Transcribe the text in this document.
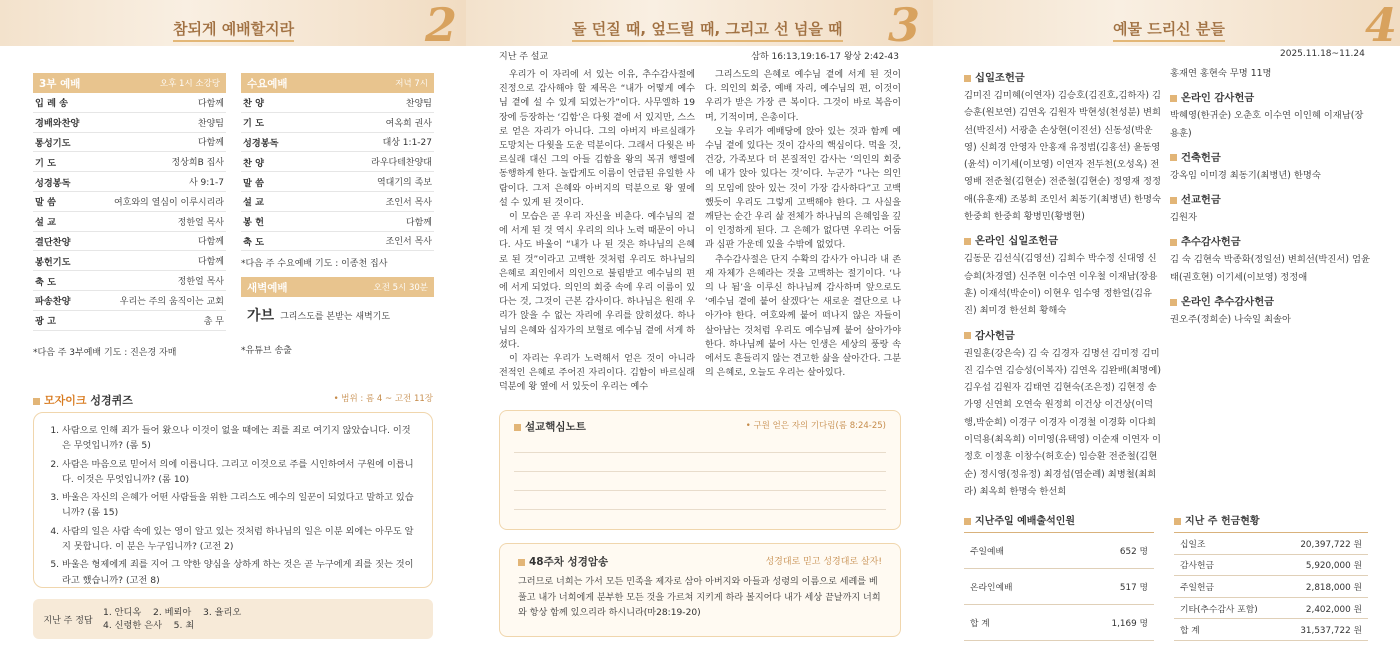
참되게 예배할지라	2	돌 던질 때, 엎드릴 때, 그리고 선 넘을 때 3	예물 드리신 분들	4
3부 예배	오후 1시 소강당
입 례 송	다함께
경배와찬양	찬양팀
통성기도	다함께
기 도	정상희B 집사
성경봉독	사 9:1-7
말 씀	여호와의 열심이 이루시리라
설 교	정한얼 목사
결단찬양	다함께
봉헌기도	다함께
축 도	정한얼 목사
파송찬양	우리는 주의 움직이는 교회
광 고	총 무
*다음 주 3부예배 기도 : 진은경 자매
수요예배	저녁 7시
찬 양	찬양팀
기 도	여옥희 권사
성경봉독	대상 1:1-27
찬 양	라우다테찬양대
말 씀	역대기의 족보
설 교	조인서 목사
봉 헌	다함께
축 도	조인서 목사
*다음 주 수요예배 기도 : 이종천 집사
새벽예배	오전 5시 30분
가브 그리스도를 본받는 새벽기도
*유튜브 송출
모자이크 성경퀴즈	• 범위 : 롬 4 ~ 고전 11장
1. 사람으로 인해 죄가 들어 왔으나 이것이 없을 때에는 죄를 죄로 여기지 않았습니다. 이것은 무엇입니까? (롬 5)
2. 사람은 마음으로 믿어서 의에 이릅니다. 그리고 이것으로 주를 시인하여서 구원에 이릅니다. 이것은 무엇입니까? (롬 10)
3. 바울은 자신의 은혜가 어떤 사람들을 위한 그리스도 예수의 일꾼이 되었다고 말하고 있습니까? (롬 15)
4. 사람의 일은 사람 속에 있는 영이 알고 있는 것처럼 하나님의 일은 이분 외에는 아무도 알지 못합니다. 이 분은 누구입니까? (고전 2)
5. 바울은 형제에게 죄를 지어 그 약한 양심을 상하게 하는 것은 곧 누구에게 죄를 짓는 것이라고 했습니까? (고전 8)
지난 주 정답
1. 안디옥 2. 베뢰아 3. 율리오
4. 신령한 은사 5. 최
지난 주 설교	삼하 16:13,19:16-17 왕상 2:42-43

우리가 이 자리에 서 있는 이유, 추수감사절에 진정으로 감사해야 할 제목은 “내가 어떻게 예수님 곁에 설 수 있게 되었는가”이다. 사무엘하 19장에 등장하는 ‘김함’은 다윗 곁에 서 있지만, 스스로 얻은 자리가 아니다. 그의 아버지 바르실래가 도망치는 다윗을 도운 덕분이다. 그래서 다윗은 바르실래 대신 그의 아들 김함을 왕의 복귀 행렬에 동행하게 한다. 놀랍게도 이름이 언급된 유일한 사람이다. 그저 은혜와 아버지의 덕분으로 왕 옆에 설 수 있게 된 것이다.

이 모습은 곧 우리 자신을 비춘다. 예수님의 곁에 서게 된 것 역시 우리의 의나 노력 때문이 아니다. 사도 바울이 “내가 나 된 것은 하나님의 은혜로 된 것”이라고 고백한 것처럼 우리도 하나님의 은혜로 죄인에서 의인으로 불림받고 예수님의 편에 서게 되었다. 의인의 회중 속에 우리 이름이 있다는 것, 그것이 근본 감사이다. 하나님은 원래 우리가 앉을 수 없는 자리에 우리를 앉히셨다. 하나님의 은혜와 십자가의 보혈로 예수님 곁에 서게 하셨다.

이 자리는 우리가 노력해서 얻은 것이 아니라 전적인 은혜로 주어진 자리이다. 김함이 바르실래 덕분에 왕 옆에 서 있듯이 우리는 예수

그리스도의 은혜로 예수님 곁에 서게 된 것이다. 의인의 회중, 예배 자리, 예수님의 편, 이것이 우리가 받은 가장 큰 복이다. 그것이 바로 복음이며, 기적이며, 은총이다.

오늘 우리가 예배당에 앉아 있는 것과 함께 예수님 곁에 있다는 것이 감사의 핵심이다. 먹을 것, 건강, 가족보다 더 본질적인 감사는 ‘의인의 회중에 내가 앉아 있다는 것’이다. 누군가 “나는 의인의 모임에 앉아 있는 것이 가장 감사하다”고 고백했듯이 우리도 그렇게 고백해야 한다. 그 사실을 깨닫는 순간 우리 삶 전체가 하나님의 은혜임을 깊이 인정하게 된다. 그 은혜가 없다면 우리는 어둠과 심판 가운데 있을 수밖에 없었다.

추수감사절은 단지 수확의 감사가 아니라 내 존재 자체가 은혜라는 것을 고백하는 절기이다. ‘나의 나 됨’을 이루신 하나님께 감사하며 앞으로도 ‘예수님 곁에 붙어 살겠다’는 새로운 결단으로 나아가야 한다. 여호와께 붙어 떠나지 않은 자들이 살아남는 것처럼 우리도 예수님께 붙어 살아가야 한다. 하나님께 붙어 사는 인생은 세상의 풍랑 속에서도 흔들리지 않는 견고한 삶을 살아간다. 그분의 은혜로, 오늘도 우리는 살아있다.

설교핵심노트	• 구원 얻은 자의 기다림(롬 8:24-25)
48주차 성경암송	성경대로 믿고 성경대로 살자!
그러므로 너희는 가서 모든 민족을 제자로 삼아 아버지와 아들과 성령의 이름으로 세례를 베풀고 내가 너희에게 분부한 모든 것을 가르쳐 지키게 하라 볼지어다 내가 세상 끝날까지 너희와 항상 함께 있으리라 하시니라(마28:19-20)
2025.11.18~11.24
십일조헌금
김미진 김미혜(이연자) 김승호(김진호,김하자) 김승훈(원보연) 김연옥 김원자 박현성(천성분) 변희선(박진서) 서광춘 손상현(이진선) 신동성(박운영) 신희경 안영자 안홍재 유정범(김홍선) 윤동영(윤석) 이기세(이보영) 이연자 전두천(오성옥) 전영배 전준철(김현순) 전준철(김현순) 정영재 정정애(유훈재) 조봉희 조인서 최동기(최병년) 한명숙 한중희 한중희 황병민(황병현)
온라인 십일조헌금
김동문 김선식(김영선) 김희수 박수정 신대영 신승희(차경열) 신주현 이수연 이우철 이재남(장용훈) 이재석(박순이) 이현우 임수영 정한얼(김유진) 최미경 한선희 황해숙
감사헌금
권일훈(강은숙) 김 숙 김경자 김명선 김미정 김미진 김수연 김승성(이복자) 김연옥 김완배(최명예) 김우섭 김원자 김태연 김현숙(조은정) 김현정 송가영 신연희 오연숙 원정희 이건상 이건상(이덕행,박순희) 이경구 이경자 이경철 이경화 이다희 이덕용(최옥희) 이미영(유택영) 이순재 이연자 이정호 이정훈 이창수(허호순) 임승환 전준철(김현순) 정시영(정유정) 최경섭(염순례) 최병철(최희라) 최옥희 한명숙 한선희
홍재연 홍현숙 무명 11명
온라인 감사헌금
박혜영(한귀순) 오춘호 이수연 이인혜 이재남(장용훈)
건축헌금
강옥임 이미경 최동기(최병년) 한명숙
선교헌금
김원자
추수감사헌금
김 숙 김현숙 박종화(정일선) 변희선(박진서) 엄윤태(권호현) 이기세(이보영) 정정애
온라인 추수감사헌금
권오주(정희순) 나숙일 최솔아
지난주일 예배출석인원
주일예배	652 명
온라인예배	517 명
합 계	1,169 명
지난 주 헌금현황
십일조	20,397,722 원
감사헌금	5,920,000 원
주일헌금	2,818,000 원
기타(추수감사 포함)	2,402,000 원
합 계	31,537,722 원
